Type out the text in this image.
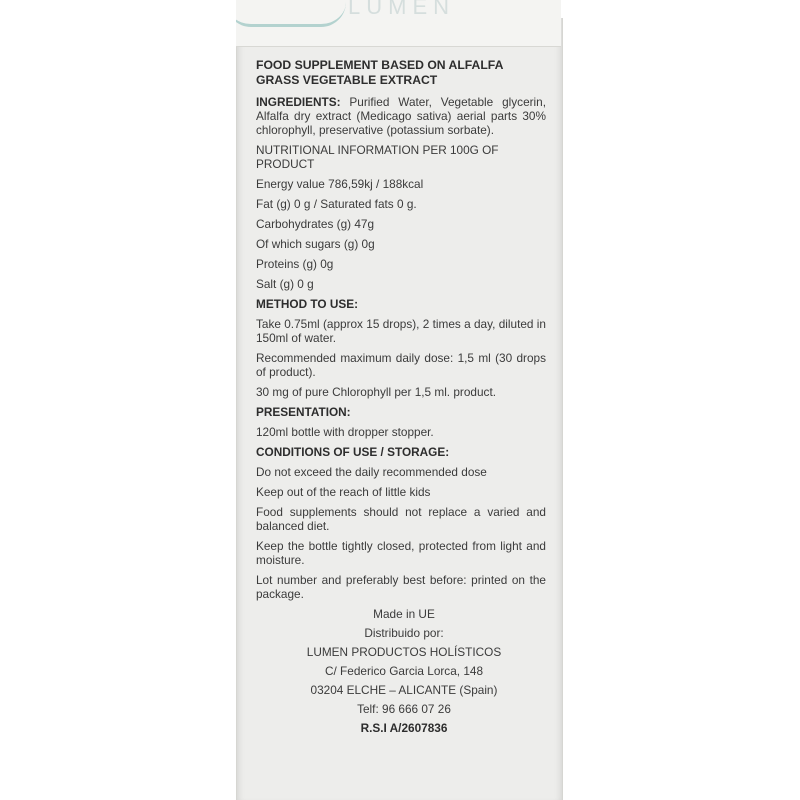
LUMEN
FOOD SUPPLEMENT BASED ON ALFALFA GRASS VEGETABLE EXTRACT
INGREDIENTS: Purified Water, Vegetable glycerin, Alfalfa dry extract (Medicago sativa) aerial parts 30% chlorophyll, preservative (potassium sorbate).
NUTRITIONAL INFORMATION PER 100G OF PRODUCT
Energy value 786,59kj / 188kcal
Fat (g) 0 g / Saturated fats 0 g.
Carbohydrates (g) 47g
Of which sugars (g) 0g
Proteins (g) 0g
Salt (g) 0 g
METHOD TO USE:
Take 0.75ml (approx 15 drops), 2 times a day, diluted in 150ml of water.
Recommended maximum daily dose: 1,5 ml (30 drops of product).
30 mg of pure Chlorophyll per 1,5 ml. product.
PRESENTATION:
120ml bottle with dropper stopper.
CONDITIONS OF USE / STORAGE:
Do not exceed the daily recommended dose
Keep out of the reach of little kids
Food supplements should not replace a varied and balanced diet.
Keep the bottle tightly closed, protected from light and moisture.
Lot number and preferably best before: printed on the package.
Made in UE
Distribuido por:
LUMEN PRODUCTOS HOLÍSTICOS
C/ Federico Garcia Lorca, 148
03204 ELCHE – ALICANTE (Spain)
Telf: 96 666 07 26
R.S.I A/2607836
